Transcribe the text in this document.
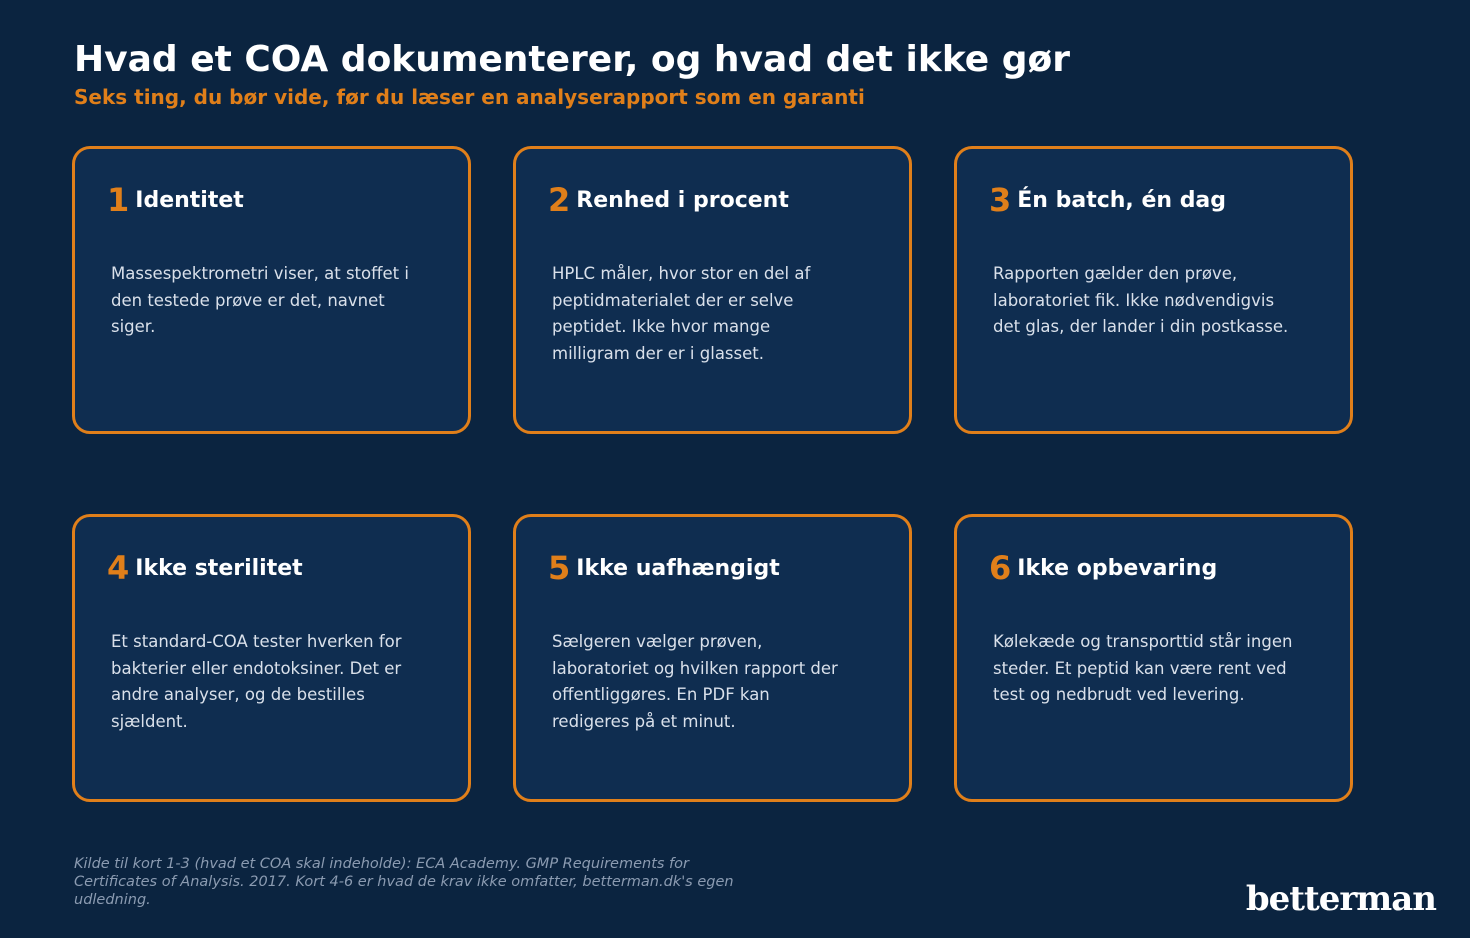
Hvad et COA dokumenterer, og hvad det ikke gør
Seks ting, du bør vide, før du læser en analyserapport som en garanti
1 Identitet

Massespektrometri viser, at stoffet i den testede prøve er det, navnet siger.

2 Renhed i procent

HPLC måler, hvor stor en del af peptidmaterialet der er selve peptidet. Ikke hvor mange milligram der er i glasset.

3 Én batch, én dag

Rapporten gælder den prøve, laboratoriet fik. Ikke nødvendigvis det glas, der lander i din postkasse.

4 Ikke sterilitet

Et standard-COA tester hverken for bakterier eller endotoksiner. Det er andre analyser, og de bestilles sjældent.

5 Ikke uafhængigt

Sælgeren vælger prøven, laboratoriet og hvilken rapport der offentliggøres. En PDF kan redigeres på et minut.

6 Ikke opbevaring

Kølekæde og transporttid står ingen steder. Et peptid kan være rent ved test og nedbrudt ved levering.

Kilde til kort 1-3 (hvad et COA skal indeholde): ECA Academy. GMP Requirements for Certificates of Analysis. 2017. Kort 4-6 er hvad de krav ikke omfatter, betterman.dk's egen udledning.	betterman
